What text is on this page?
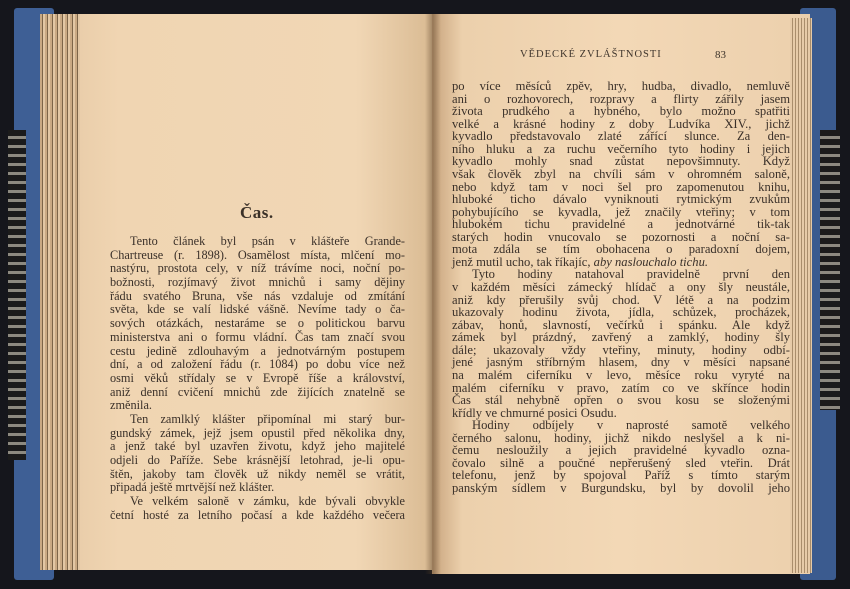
Čas.
VĚDECKÉ ZVLÁŠTNOSTI	83
Tento článek byl psán v klášteře Grande-
Chartreuse (r. 1898). Osamělost místa, mlčení mo-
nastýru, prostota cely, v níž trávíme noci, noční po-
božnosti, rozjímavý život mnichů i samy dějiny
řádu svatého Bruna, vše nás vzdaluje od zmítání
světa, kde se valí lidské vášně. Nevíme tady o ča-
sových otázkách, nestaráme se o politickou barvu
ministerstva ani o formu vládní. Čas tam značí svou
cestu jedině zdlouhavým a jednotvárným postupem
dní, a od založení řádu (r. 1084) po dobu více než
osmi věků střídaly se v Evropě říše a království,
aniž denní cvičení mnichů zde žijících znatelně se
změnila.
Ten zamlklý klášter připomínal mi starý bur-
gundský zámek, jejž jsem opustil před několika dny,
a jenž také byl uzavřen životu, když jeho majitelé
odjeli do Paříže. Sebe krásnější letohrad, je-li opu-
štěn, jakoby tam člověk už nikdy neměl se vrátit,
připadá ještě mrtvější než klášter.
Ve velkém saloně v zámku, kde bývali obvykle
četní hosté za letního počasí a kde každého večera
po více měsíců zpěv, hry, hudba, divadlo, nemluvě
ani o rozhovorech, rozpravy a flirty zářily jasem
života prudkého a hybného, bylo možno spatřiti
velké a krásné hodiny z doby Ludvíka XIV., jichž
kyvadlo představovalo zlaté zářící slunce. Za den-
ního hluku a za ruchu večerního tyto hodiny i jejich
kyvadlo mohly snad zůstat nepovšimnuty. Když
však člověk zbyl na chvíli sám v ohromném saloně,
nebo když tam v noci šel pro zapomenutou knihu,
hluboké ticho dávalo vyniknouti rytmickým zvukům
pohybujícího se kyvadla, jež značily vteřiny; v tom
hlubokém tichu pravidelné a jednotvárné tik-tak
starých hodin vnucovalo se pozornosti a noční sa-
mota zdála se tím obohacena o paradoxní dojem,
jenž mutil ucho, tak říkajíc, aby naslouchalo tichu.
Tyto hodiny natahoval pravidelně první den
v každém měsíci zámecký hlídač a ony šly neustále,
aniž kdy přerušily svůj chod. V létě a na podzim
ukazovaly hodinu života, jídla, schůzek, procházek,
zábav, honů, slavností, večírků i spánku. Ale když
zámek byl prázdný, zavřený a zamklý, hodiny šly
dále; ukazovaly vždy vteřiny, minuty, hodiny odbí-
jené jasným stříbrným hlasem, dny v měsíci napsané
na malém ciferníku v levo, měsíce roku vyryté na
malém ciferníku v pravo, zatím co ve skřínce hodin
Čas stál nehybně opřen o svou kosu se složenými
křídly ve chmurné posici Osudu.
Hodiny odbíjely v naprosté samotě velkého
černého salonu, hodiny, jichž nikdo neslyšel a k ni-
čemu nesloužily a jejich pravidelné kyvadlo ozna-
čovalo silně a poučné nepřerušený sled vteřin. Drát
telefonu, jenž by spojoval Paříž s tímto starým
panským sídlem v Burgundsku, byl by dovolil jeho
